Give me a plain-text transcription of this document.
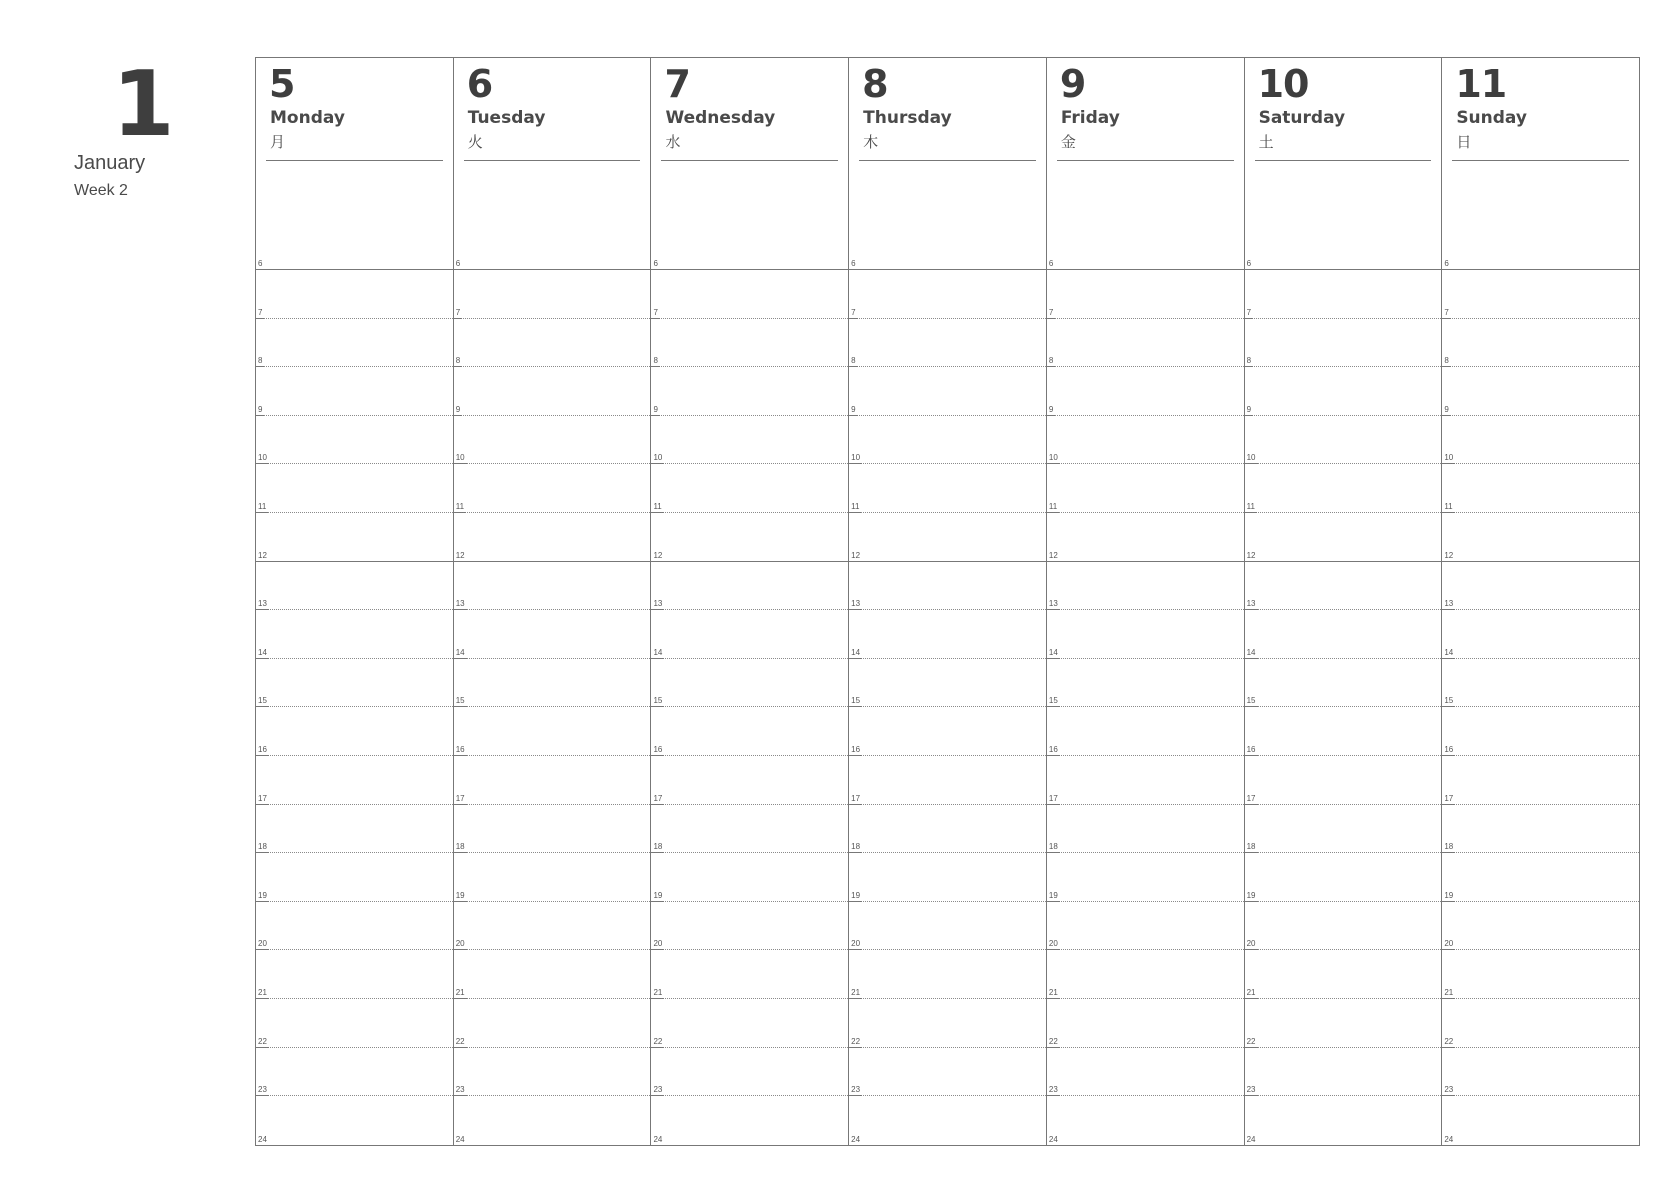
1
January
Week 2
5
Monday
月
6
7
8
9
10
11
12
13
14
15
16
17
18
19
20
21
22
23
24
6
Tuesday
火
6
7
8
9
10
11
12
13
14
15
16
17
18
19
20
21
22
23
24
7
Wednesday
水
6
7
8
9
10
11
12
13
14
15
16
17
18
19
20
21
22
23
24
8
Thursday
木
6
7
8
9
10
11
12
13
14
15
16
17
18
19
20
21
22
23
24
9
Friday
金
6
7
8
9
10
11
12
13
14
15
16
17
18
19
20
21
22
23
24
10
Saturday
土
6
7
8
9
10
11
12
13
14
15
16
17
18
19
20
21
22
23
24
11
Sunday
日
6
7
8
9
10
11
12
13
14
15
16
17
18
19
20
21
22
23
24
